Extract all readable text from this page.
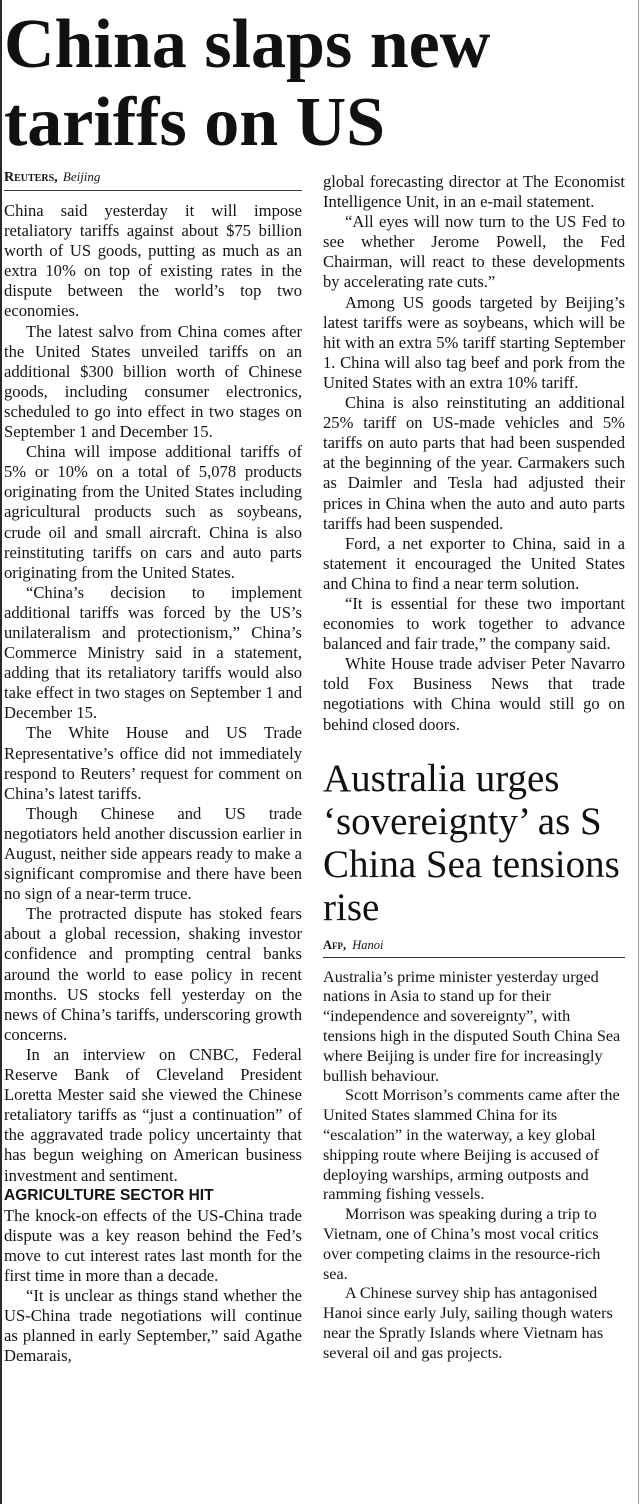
China slaps new tariffs on US
Reuters, Beijing

China said yesterday it will impose retaliatory tariffs against about $75 billion worth of US goods, putting as much as an extra 10% on top of existing rates in the dispute between the world’s top two economies.

The latest salvo from China comes after the United States unveiled tariffs on an additional $300 billion worth of Chinese goods, including consumer electronics, scheduled to go into effect in two stages on September 1 and December 15.

China will impose additional tariffs of 5% or 10% on a total of 5,078 products originating from the United States including agricultural products such as soybeans, crude oil and small aircraft. China is also reinstituting tariffs on cars and auto parts originating from the United States.

“China’s decision to implement additional tariffs was forced by the US’s unilateralism and protectionism,” China’s Commerce Ministry said in a statement, adding that its retaliatory tariffs would also take effect in two stages on September 1 and December 15.

The White House and US Trade Representative’s office did not immediately respond to Reuters’ request for comment on China’s latest tariffs.

Though Chinese and US trade negotiators held another discussion earlier in August, neither side appears ready to make a significant compromise and there have been no sign of a near-term truce.

The protracted dispute has stoked fears about a global recession, shaking investor confidence and prompting central banks around the world to ease policy in recent months. US stocks fell yesterday on the news of China’s tariffs, underscoring growth concerns.

In an interview on CNBC, Federal Reserve Bank of Cleveland President Loretta Mester said she viewed the Chinese retaliatory tariffs as “just a continuation” of the aggravated trade policy uncertainty that has begun weighing on American business investment and sentiment.

AGRICULTURE SECTOR HIT

The knock-on effects of the US-China trade dispute was a key reason behind the Fed’s move to cut interest rates last month for the first time in more than a decade.

“It is unclear as things stand whether the US-China trade negotiations will continue as planned in early September,” said Agathe Demarais,

global forecasting director at The Economist Intelligence Unit, in an e-mail statement.

“All eyes will now turn to the US Fed to see whether Jerome Powell, the Fed Chairman, will react to these developments by accelerating rate cuts.”

Among US goods targeted by Beijing’s latest tariffs were as soybeans, which will be hit with an extra 5% tariff starting September 1. China will also tag beef and pork from the United States with an extra 10% tariff.

China is also reinstituting an additional 25% tariff on US-made vehicles and 5% tariffs on auto parts that had been suspended at the beginning of the year. Carmakers such as Daimler and Tesla had adjusted their prices in China when the auto and auto parts tariffs had been suspended.

Ford, a net exporter to China, said in a statement it encouraged the United States and China to find a near term solution.

“It is essential for these two important economies to work together to advance balanced and fair trade,” the company said.

White House trade adviser Peter Navarro told Fox Business News that trade negotiations with China would still go on behind closed doors.

Australia urges ‘sovereignty’ as S China Sea tensions rise
Afp, Hanoi

Australia’s prime minister yesterday urged nations in Asia to stand up for their “independence and sovereignty”, with tensions high in the disputed South China Sea where Beijing is under fire for increasingly bullish behaviour.

Scott Morrison’s comments came after the United States slammed China for its “escalation” in the waterway, a key global shipping route where Beijing is accused of deploying warships, arming outposts and ramming fishing vessels.

Morrison was speaking during a trip to Vietnam, one of China’s most vocal critics over competing claims in the resource-rich sea.

A Chinese survey ship has antagonised Hanoi since early July, sailing though waters near the Spratly Islands where Vietnam has several oil and gas projects.
